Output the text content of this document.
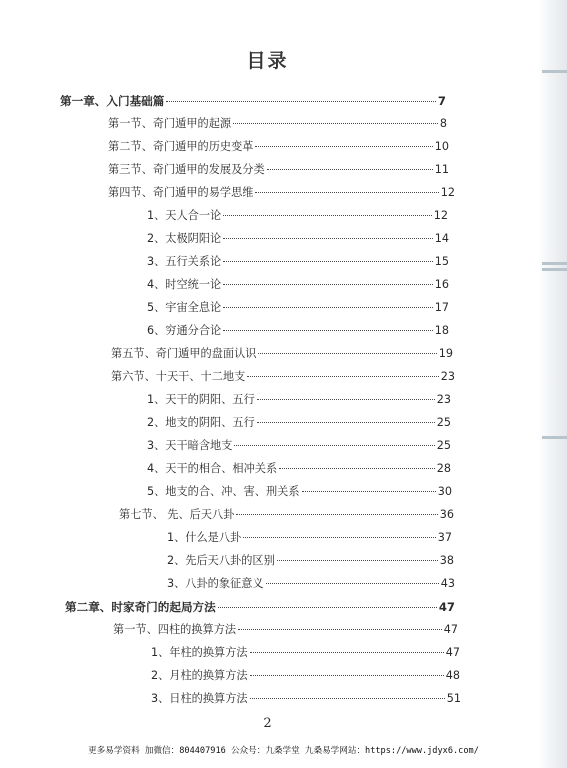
目录
第一章、入门基础篇	7
第一节、奇门遁甲的起源	8
第二节、奇门遁甲的历史变革	10
第三节、奇门遁甲的发展及分类	11
第四节、奇门遁甲的易学思维	12
1、天人合一论	12
2、太极阴阳论	14
3、五行关系论	15
4、时空统一论	16
5、宇宙全息论	17
6、穷通分合论	18
第五节、奇门遁甲的盘面认识	19
第六节、十天干、十二地支	23
1、天干的阴阳、五行	23
2、地支的阴阳、五行	25
3、天干暗含地支	25
4、天干的相合、相冲关系	28
5、地支的合、冲、害、刑关系	30
第七节、 先、后天八卦	36
1、什么是八卦	37
2、先后天八卦的区别	38
3、八卦的象征意义	43
第二章、时家奇门的起局方法	47
第一节、四柱的换算方法	47
1、年柱的换算方法	47
2、月柱的换算方法	48
3、日柱的换算方法	51
2
更多易学资料 加微信：804407916 公众号：九桑学堂 九桑易学网站：https://www.jdyx6.com/
